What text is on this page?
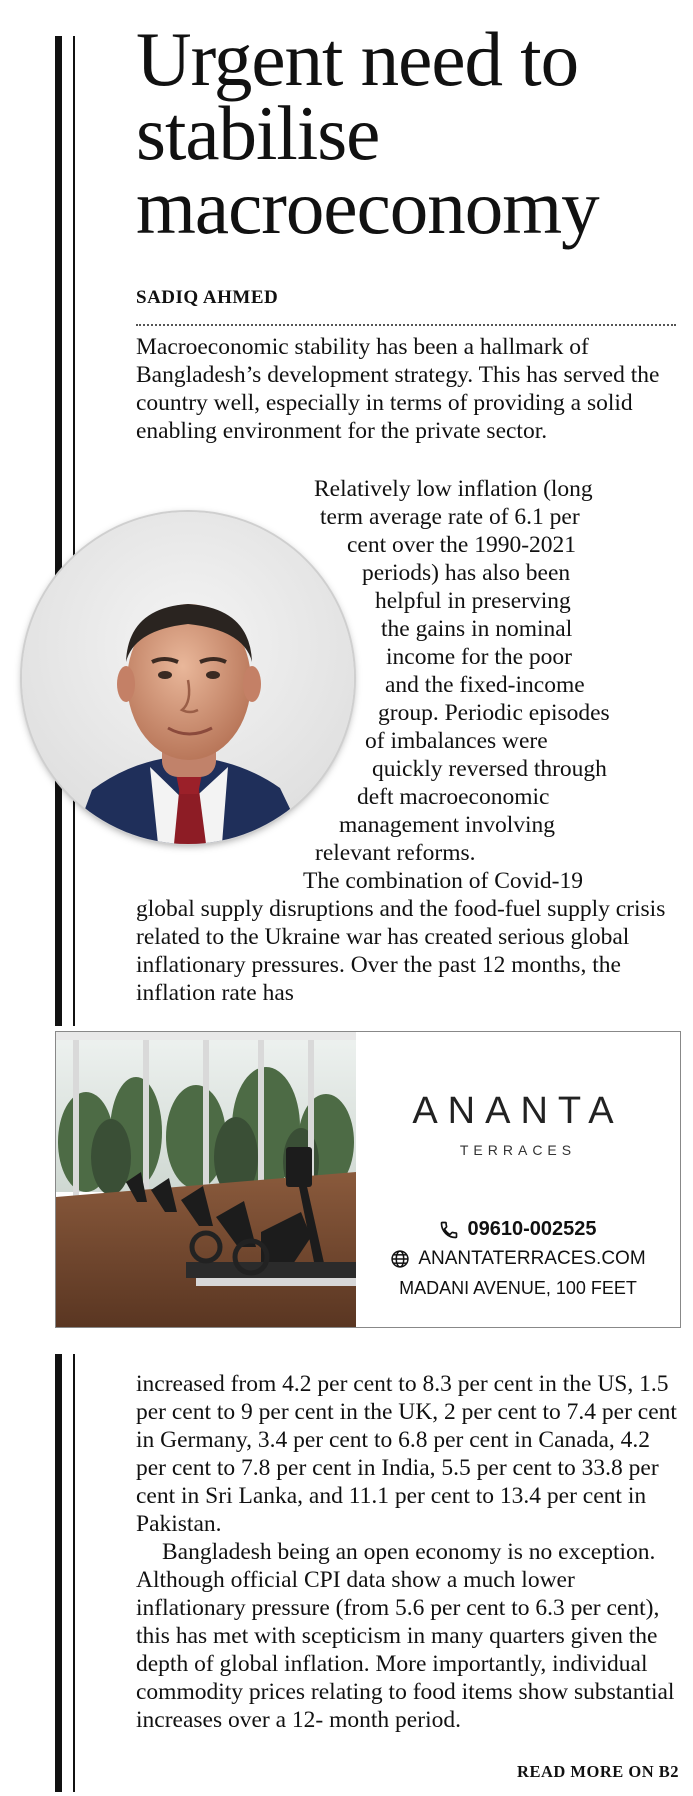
Urgent need to stabilise macroeconomy
SADIQ AHMED

Macroeconomic stability has been a hallmark of Bangladesh’s development strategy. This has served the country well, especially in terms of providing a solid enabling environment for the private sector.

Relatively low inflation (long
term average rate of 6.1 per
cent over the 1990-2021
periods) has also been
helpful in preserving
the gains in nominal
income for the poor
and the fixed-income
group. Periodic episodes
of imbalances were
quickly reversed through
deft macroeconomic
management involving
relevant reforms.
The combination of Covid-19

global supply disruptions and the food-fuel supply crisis related to the Ukraine war has created serious global inflationary pressures. Over the past 12 months, the inflation rate has

ANANTA
TERRACES
09610-002525
ANANTATERRACES.COM
MADANI AVENUE, 100 FEET

increased from 4.2 per cent to 8.3 per cent in the US, 1.5 per cent to 9 per cent in the UK, 2 per cent to 7.4 per cent in Germany, 3.4 per cent to 6.8 per cent in Canada, 4.2 per cent to 7.8 per cent in India, 5.5 per cent to 33.8 per cent in Sri Lanka, and 11.1 per cent to 13.4 per cent in Pakistan.

Bangladesh being an open economy is no exception. Although official CPI data show a much lower inflationary pressure (from 5.6 per cent to 6.3 per cent), this has met with scepticism in many quarters given the depth of global inflation. More importantly, individual commodity prices relating to food items show substantial increases over a 12- month period.

READ MORE ON B2
